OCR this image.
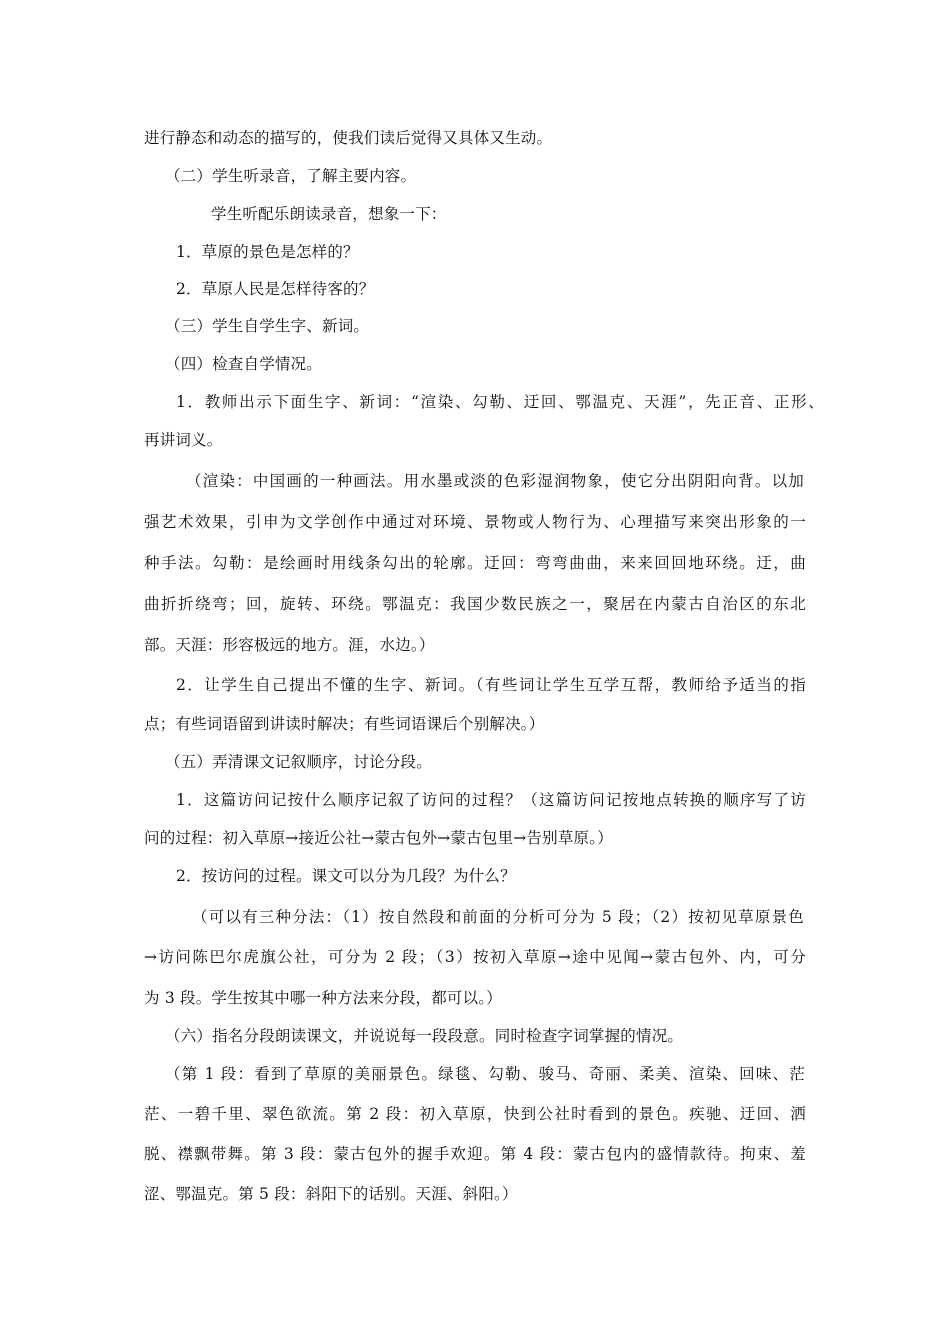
进行静态和动态的描写的，使我们读后觉得又具体又生动。
（二）学生听录音，了解主要内容。
学生听配乐朗读录音，想象一下：
1．草原的景色是怎样的？
2．草原人民是怎样待客的？
（三）学生自学生字、新词。
（四）检查自学情况。
1．教师出示下面生字、新词：“渲染、勾勒、迂回、鄂温克、天涯”，先正音、正形、
再讲词义。
（渲染：中国画的一种画法。用水墨或淡的色彩湿润物象，使它分出阴阳向背。以加
强艺术效果，引申为文学创作中通过对环境、景物或人物行为、心理描写来突出形象的一
种手法。勾勒：是绘画时用线条勾出的轮廓。迂回：弯弯曲曲，来来回回地环绕。迂，曲
曲折折绕弯；回，旋转、环绕。鄂温克：我国少数民族之一，聚居在内蒙古自治区的东北
部。天涯：形容极远的地方。涯，水边。）
2．让学生自己提出不懂的生字、新词。（有些词让学生互学互帮，教师给予适当的指
点；有些词语留到讲读时解决；有些词语课后个别解决。）
（五）弄清课文记叙顺序，讨论分段。
1．这篇访问记按什么顺序记叙了访问的过程？（这篇访问记按地点转换的顺序写了访
问的过程：初入草原→接近公社→蒙古包外→蒙古包里→告别草原。）
2．按访问的过程。课文可以分为几段？为什么？
（可以有三种分法：（1）按自然段和前面的分析可分为 5 段；（2）按初见草原景色
→访问陈巴尔虎旗公社，可分为 2 段；（3）按初入草原→途中见闻→蒙古包外、内，可分
为 3 段。学生按其中哪一种方法来分段，都可以。）
（六）指名分段朗读课文，并说说每一段段意。同时检查字词掌握的情况。
（第 1 段：看到了草原的美丽景色。绿毯、勾勒、骏马、奇丽、柔美、渲染、回味、茫
茫、一碧千里、翠色欲流。第 2 段：初入草原，快到公社时看到的景色。疾驰、迂回、洒
脱、襟飘带舞。第 3 段：蒙古包外的握手欢迎。第 4 段：蒙古包内的盛情款待。拘束、羞
涩、鄂温克。第 5 段：斜阳下的话别。天涯、斜阳。）
